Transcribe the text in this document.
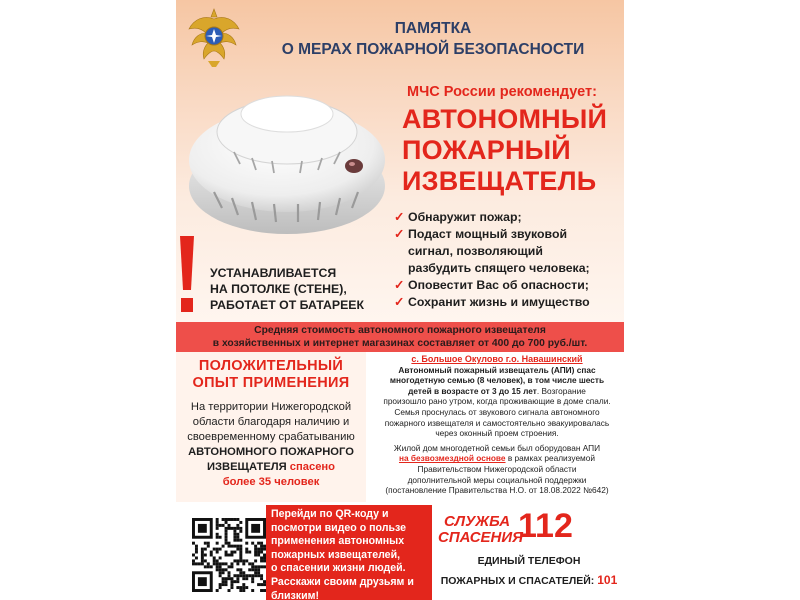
ПАМЯТКА
О МЕРАХ ПОЖАРНОЙ БЕЗОПАСНОСТИ
МЧС России рекомендует:
АВТОНОМНЫЙ
ПОЖАРНЫЙ
ИЗВЕЩАТЕЛЬ
✓ Обнаружит пожар;
✓ Подаст мощный звуковой
сигнал, позволяющий
разбудить спящего человека;
✓ Оповестит Вас об опасности;
✓ Сохранит жизнь и имущество
УСТАНАВЛИВАЕТСЯ
НА ПОТОЛКЕ (СТЕНЕ),
РАБОТАЕТ ОТ БАТАРЕЕК
Средняя стоимость автономного пожарного извещателя
в хозяйственных и интернет магазинах составляет от 400 до 700 руб./шт.
ПОЛОЖИТЕЛЬНЫЙ
ОПЫТ ПРИМЕНЕНИЯ
На территории Нижегородской
области благодаря наличию и
своевременному срабатыванию
АВТОНОМНОГО ПОЖАРНОГО
ИЗВЕЩАТЕЛЯ спасено
более 35 человек
с. Большое Окулово г.о. Навашинский
Автономный пожарный извещатель (АПИ) спас
многодетную семью (8 человек), в том числе шесть
детей в возрасте от 3 до 15 лет. Возгорание
произошло рано утром, когда проживающие в доме спали.
Семья проснулась от звукового сигнала автономного
пожарного извещателя и самостоятельно эвакуировалась
через оконный проем строения.
Жилой дом многодетной семьи был оборудован АПИ
на безвозмездной основе в рамках реализуемой
Правительством Нижегородской области
дополнительной меры социальной поддержки
(постановление Правительства Н.О. от 18.08.2022 №642)
Перейди по QR-коду и
посмотри видео о пользе
применения автономных
пожарных извещателей,
о спасении жизни людей.
Расскажи своим друзьям и
близким!
СЛУЖБА
СПАСЕНИЯ
112
ЕДИНЫЙ ТЕЛЕФОН
ПОЖАРНЫХ И СПАСАТЕЛЕЙ: 101
